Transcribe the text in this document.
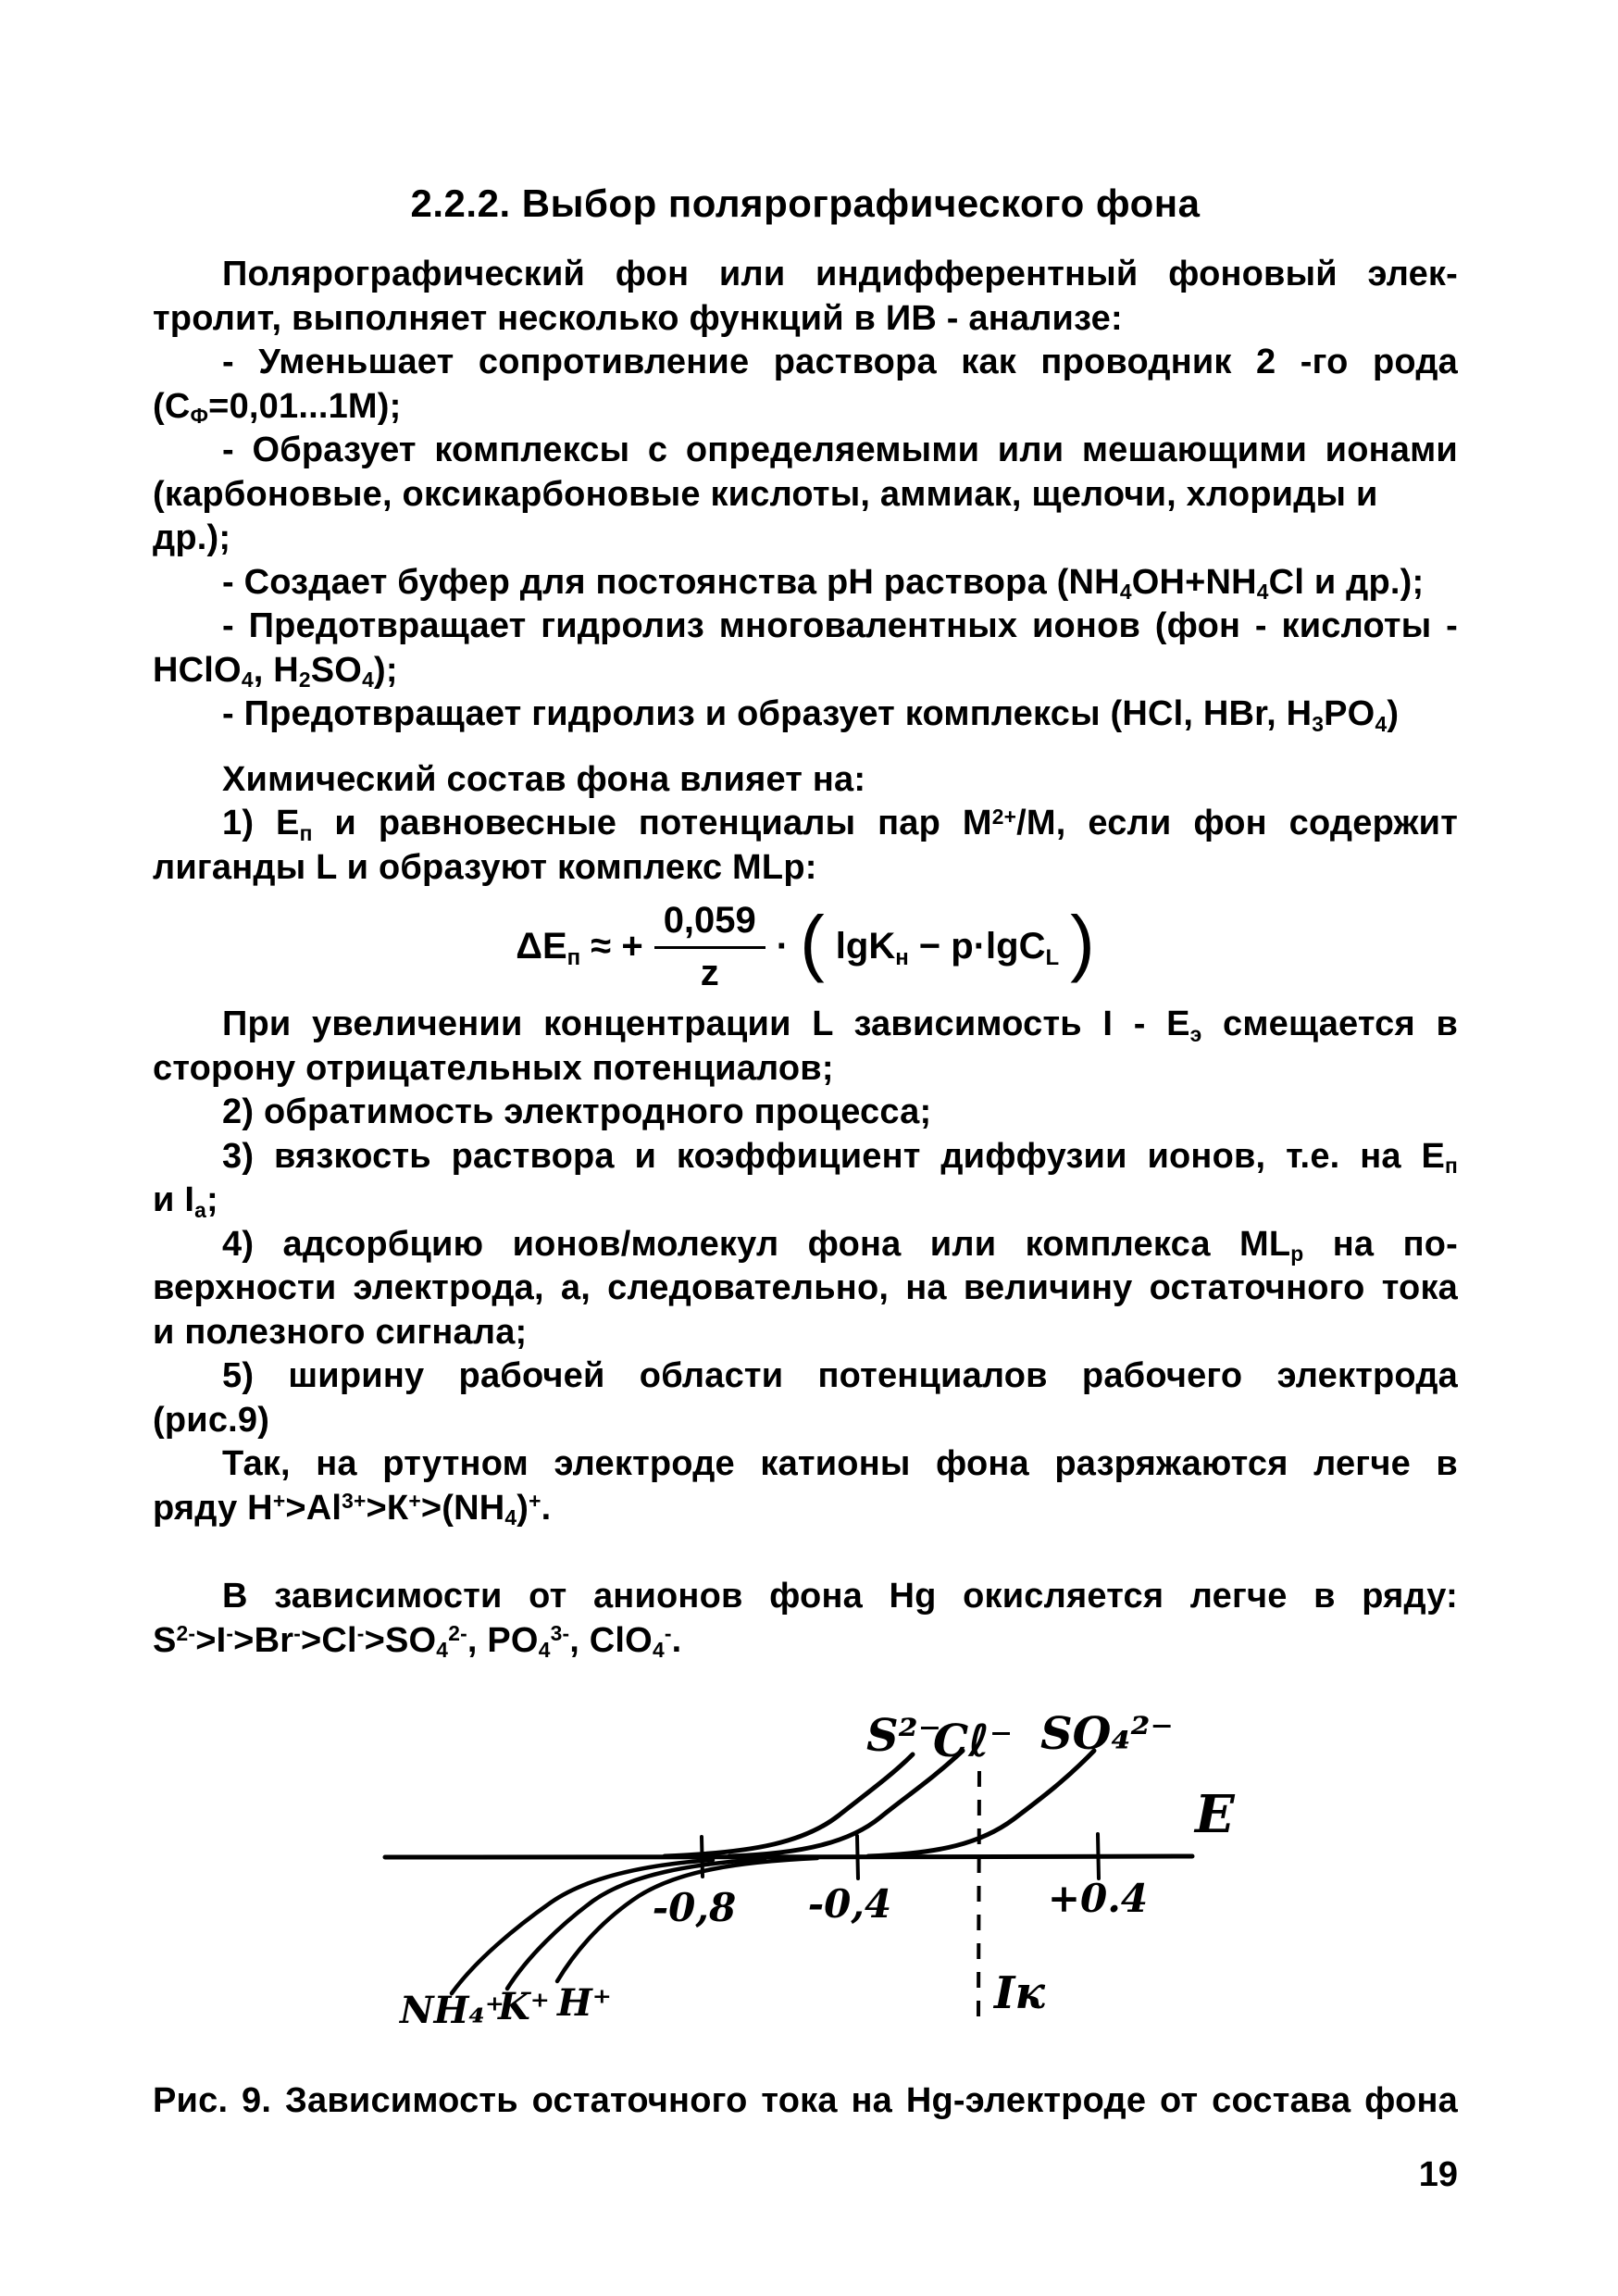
2.2.2. Выбор полярографического фона
Полярографический фон или индифферентный фоновый элек-
тролит, выполняет несколько функций в ИВ - анализе:
- Уменьшает сопротивление раствора как проводник 2 -го рода
$(С_Ф=0,01...1М)$;
- Образует комплексы с определяемыми или мешающими ионами
(карбоновые, оксикарбоновые кислоты, аммиак, щелочи, хлориды и др.);
- Создает буфер для постоянства pH раствора ($NH_4OH+NH_4Cl$ и др.);
- Предотвращает гидролиз многовалентных ионов (фон - кислоты -
HClO$_4$, $H_2SO_4$);
- Предотвращает гидролиз и образует комплексы (HCl, HBr, $H_3PO_4$)
Химический состав фона влияет на:
1) $Е_п$ и равновесные потенциалы пар $М^{2+}/М$, если фон содержит
лиганды L и образуют комплекс MLp:
$\Delta Е_п$ ≈ + $\frac{0,059}{z}$ · ( lgK$_н$ − p·lgC$_L$ )
При увеличении концентрации L зависимость I - $Е_э$ смещается в
сторону отрицательных потенциалов;
2) обратимость электродного процесса;
3) вязкость раствора и коэффициент диффузии ионов, т.е. на $Е_п$
и $I_а$;
4) адсорбцию ионов/молекул фона или комплекса $ML_p$ на по-
верхности электрода, а, следовательно, на величину остаточного тока
и полезного сигнала;
5) ширину рабочей области потенциалов рабочего электрода
(рис.9)
Так, на ртутном электроде катионы фона разряжаются легче в
ряду $Н^+>Al^{3+}>К^+>(NH_4)^+$.
В зависимости от анионов фона Hg окисляется легче в ряду:
$S^{2-}>I^->Br^->Cl^->SO_4^{2-}$, $PO_4^{3-}$, ClO$_4$-.
S²⁻
Cℓ⁻ SO₄²⁻
E
-0,8 -0,4	+0.4
NH₄⁺
K⁺ H⁺	Iк
Рис. 9. Зависимость остаточного тока на Hg-электроде от состава фона
19
